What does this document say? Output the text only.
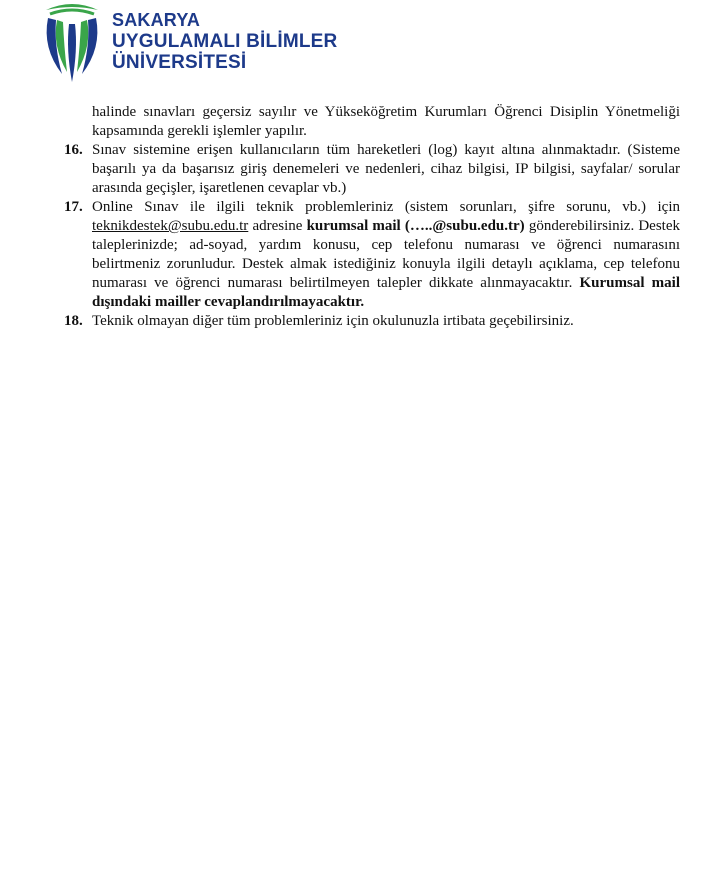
SAKARYA
UYGULAMALI BİLİMLER
ÜNİVERSİTESİ
halinde sınavları geçersiz sayılır ve Yükseköğretim Kurumları Öğrenci Disiplin Yönetmeliği kapsamında gerekli işlemler yapılır.
16. Sınav sistemine erişen kullanıcıların tüm hareketleri (log) kayıt altına alınmaktadır. (Sisteme başarılı ya da başarısız giriş denemeleri ve nedenleri, cihaz bilgisi, IP bilgisi, sayfalar/ sorular arasında geçişler, işaretlenen cevaplar vb.)
17. Online Sınav ile ilgili teknik problemleriniz (sistem sorunları, şifre sorunu, vb.) için teknikdestek@subu.edu.tr adresine kurumsal mail (…..@subu.edu.tr) gönderebilirsiniz. Destek taleplerinizde; ad-soyad, yardım konusu, cep telefonu numarası ve öğrenci numarasını belirtmeniz zorunludur. Destek almak istediğiniz konuyla ilgili detaylı açıklama, cep telefonu numarası ve öğrenci numarası belirtilmeyen talepler dikkate alınmayacaktır. Kurumsal mail dışındaki mailler cevaplandırılmayacaktır.
18. Teknik olmayan diğer tüm problemleriniz için okulunuzla irtibata geçebilirsiniz.
